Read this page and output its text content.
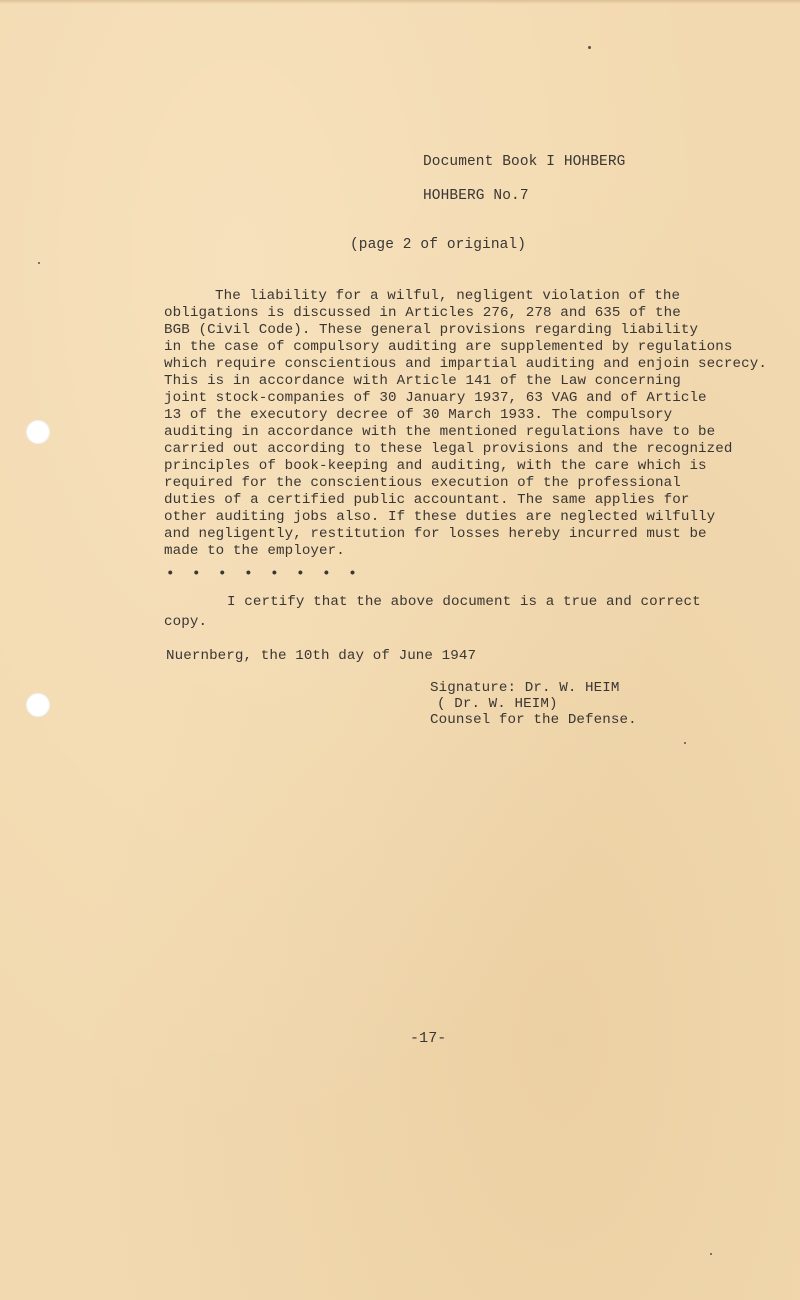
Document Book I HOHBERG
HOHBERG No.7
(page 2 of original)
The liability for a wilful, negligent violation of the
obligations is discussed in Articles 276, 278 and 635 of the
BGB (Civil Code). These general provisions regarding liability
in the case of compulsory auditing are supplemented by regulations
which require conscientious and impartial auditing and enjoin secrecy.
This is in accordance with Article 141 of the Law concerning
joint stock-companies of 30 January 1937, 63 VAG and of Article
13 of the executory decree of 30 March 1933. The compulsory
auditing in accordance with the mentioned regulations have to be
carried out according to these legal provisions and the recognized
principles of book-keeping and auditing, with the care which is
required for the conscientious execution of the professional
duties of a certified public accountant. The same applies for
other auditing jobs also. If these duties are neglected wilfully
and negligently, restitution for losses hereby incurred must be
made to the employer.
• • • • • • • •
I certify that the above document is a true and correct
copy.
Nuernberg, the 10th day of June 1947
Signature: Dr. W. HEIM
( Dr. W. HEIM)
Counsel for the Defense.
-17-
